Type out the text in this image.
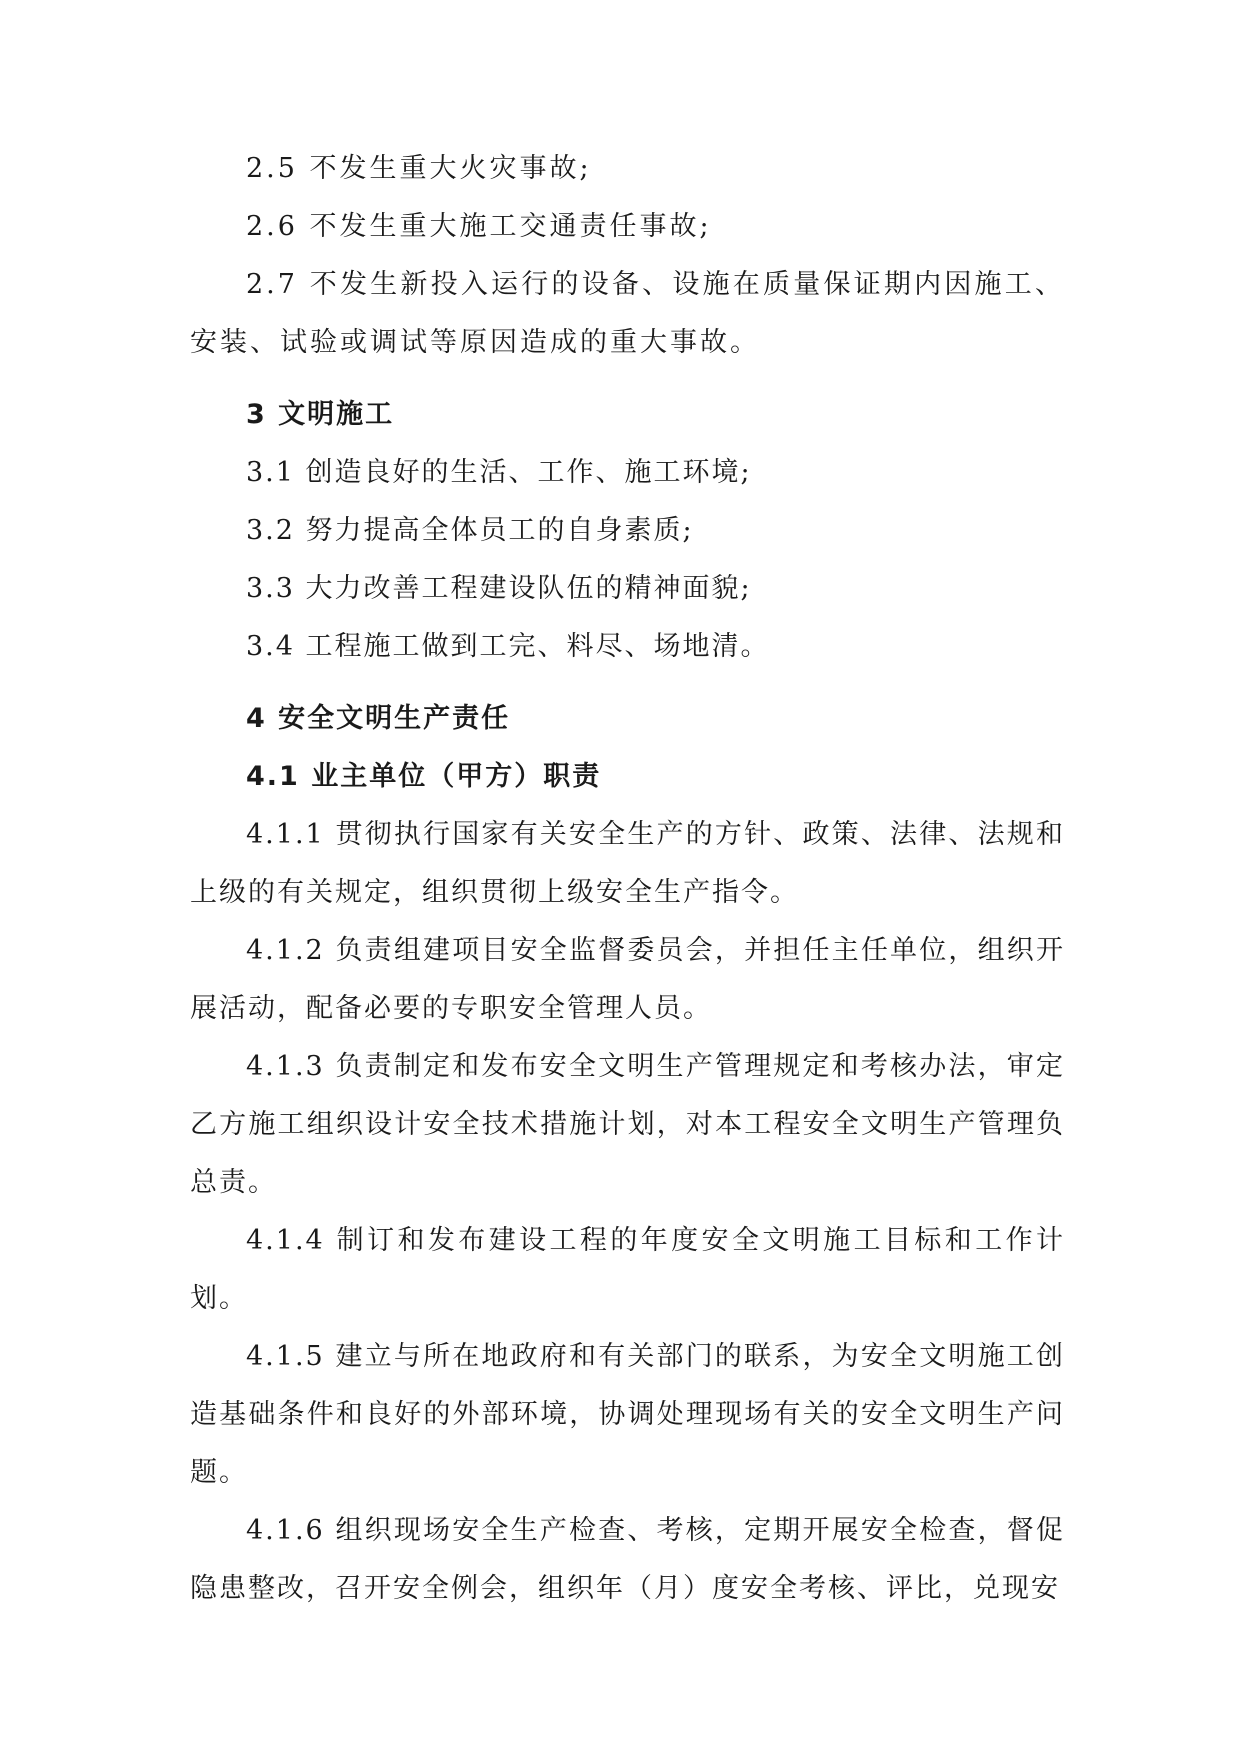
2.5 不发生重大火灾事故;

2.6 不发生重大施工交通责任事故;

2.7 不发生新投入运行的设备、设施在质量保证期内因施工、安装、试验或调试等原因造成的重大事故。

3 文明施工

3.1 创造良好的生活、工作、施工环境;

3.2 努力提高全体员工的自身素质;

3.3 大力改善工程建设队伍的精神面貌;

3.4 工程施工做到工完、料尽、场地清。

4 安全文明生产责任

4.1 业主单位（甲方）职责

4.1.1 贯彻执行国家有关安全生产的方针、政策、法律、法规和上级的有关规定，组织贯彻上级安全生产指令。

4.1.2 负责组建项目安全监督委员会，并担任主任单位，组织开展活动，配备必要的专职安全管理人员。

4.1.3 负责制定和发布安全文明生产管理规定和考核办法，审定乙方施工组织设计安全技术措施计划，对本工程安全文明生产管理负总责。

4.1.4 制订和发布建设工程的年度安全文明施工目标和工作计划。

4.1.5 建立与所在地政府和有关部门的联系，为安全文明施工创造基础条件和良好的外部环境，协调处理现场有关的安全文明生产问题。

4.1.6 组织现场安全生产检查、考核，定期开展安全检查，督促隐患整改，召开安全例会，组织年（月）度安全考核、评比，兑现安
